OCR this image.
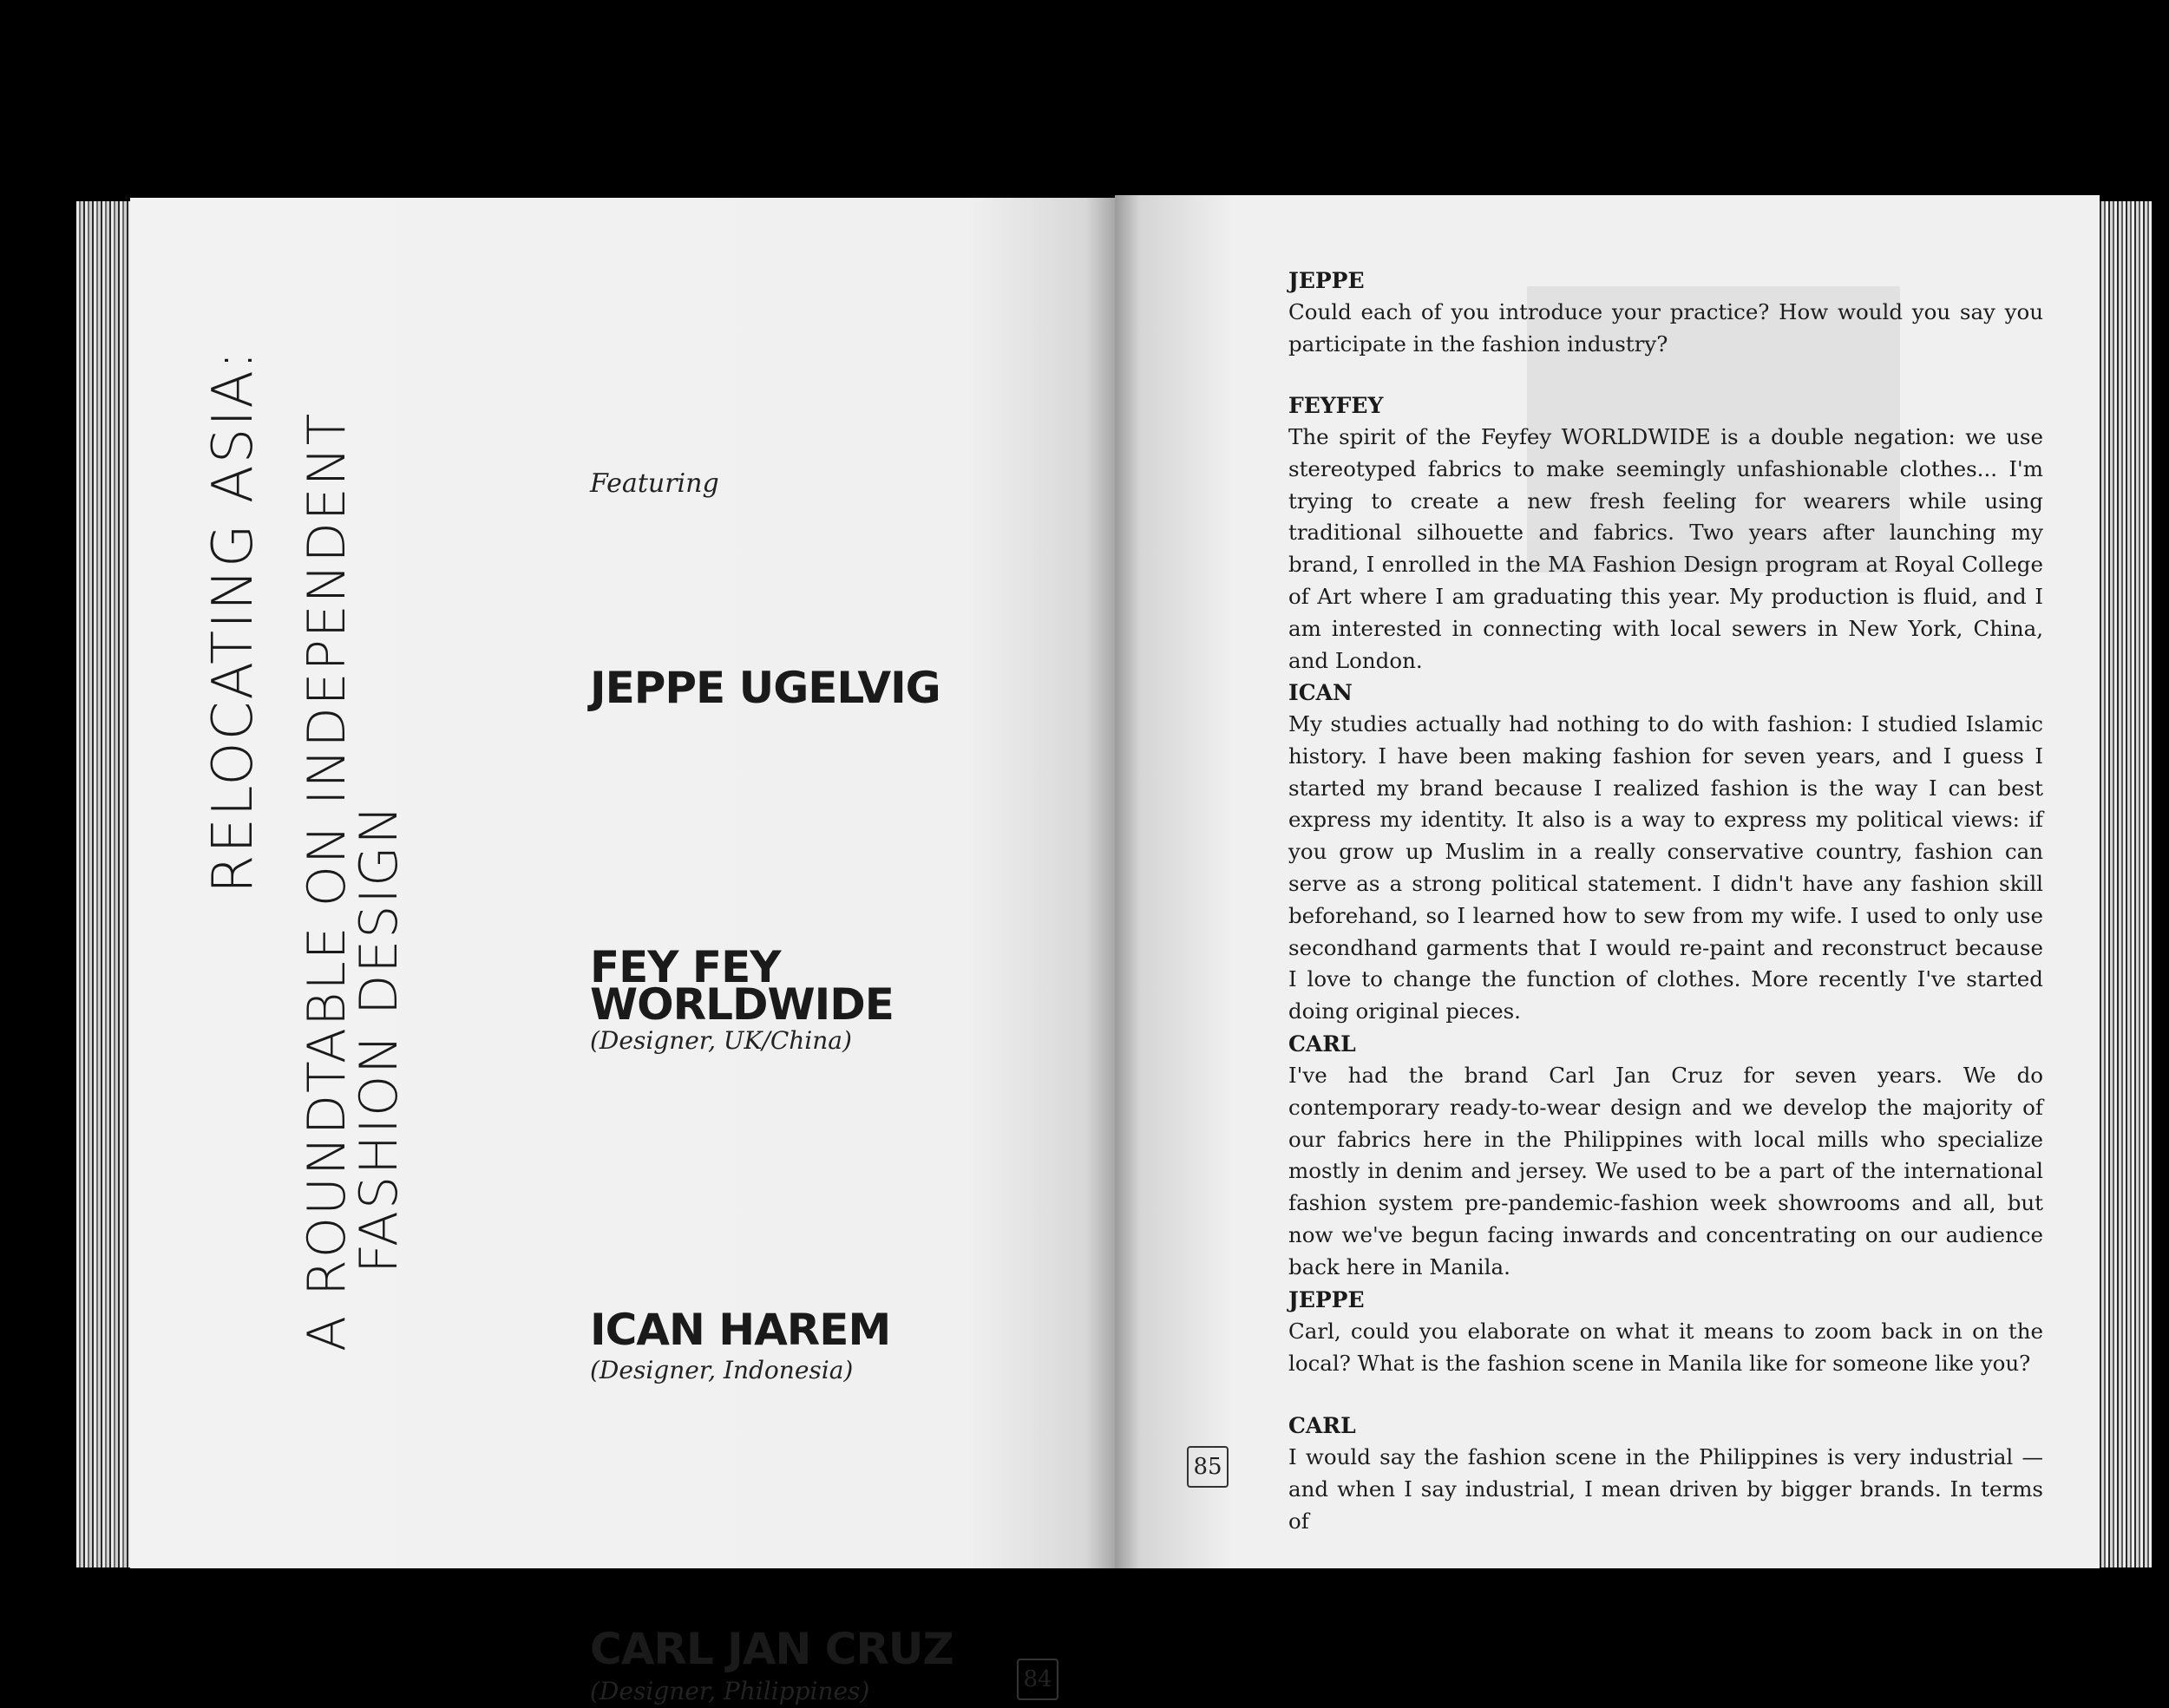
RELOCATING ASIA: A ROUNDTABLE ON INDEPENDENT
FASHION DESIGN
Featuring
JEPPE UGELVIG
FEY FEY
WORLDWIDE
(Designer, UK/China)
ICAN HAREM
(Designer, Indonesia)
CARL JAN CRUZ
(Designer, Philippines)	84

JEPPE

Could each of you introduce your practice? How would you say you participate in the fashion industry?

FEYFEY

The spirit of the Feyfey WORLDWIDE is a double negation: we use stereotyped fabrics to make seemingly unfashionable clothes... I'm trying to create a new fresh feeling for wearers while using traditional silhouette and fabrics. Two years after launching my brand, I enrolled in the MA Fashion Design program at Royal College of Art where I am graduating this year. My production is fluid, and I am interested in connecting with local sewers in New York, China, and London.

ICAN

My studies actually had nothing to do with fashion: I studied Islamic history. I have been making fashion for seven years, and I guess I started my brand because I realized fashion is the way I can best express my identity. It also is a way to express my political views: if you grow up Muslim in a really conservative country, fashion can serve as a strong political statement. I didn't have any fashion skill beforehand, so I learned how to sew from my wife. I used to only use secondhand garments that I would re-paint and reconstruct because I love to change the function of clothes. More recently I've started doing original pieces.

CARL

I've had the brand Carl Jan Cruz for seven years. We do contemporary ready-to-wear design and we develop the majority of our fabrics here in the Philippines with local mills who specialize mostly in denim and jersey. We used to be a part of the international fashion system pre-pandemic-fashion week showrooms and all, but now we've begun facing inwards and concentrating on our audience back here in Manila.

JEPPE

Carl, could you elaborate on what it means to zoom back in on the local? What is the fashion scene in Manila like for someone like you?

CARL

I would say the fashion scene in the Philippines is very industrial — and when I say industrial, I mean driven by bigger brands. In terms of

85
